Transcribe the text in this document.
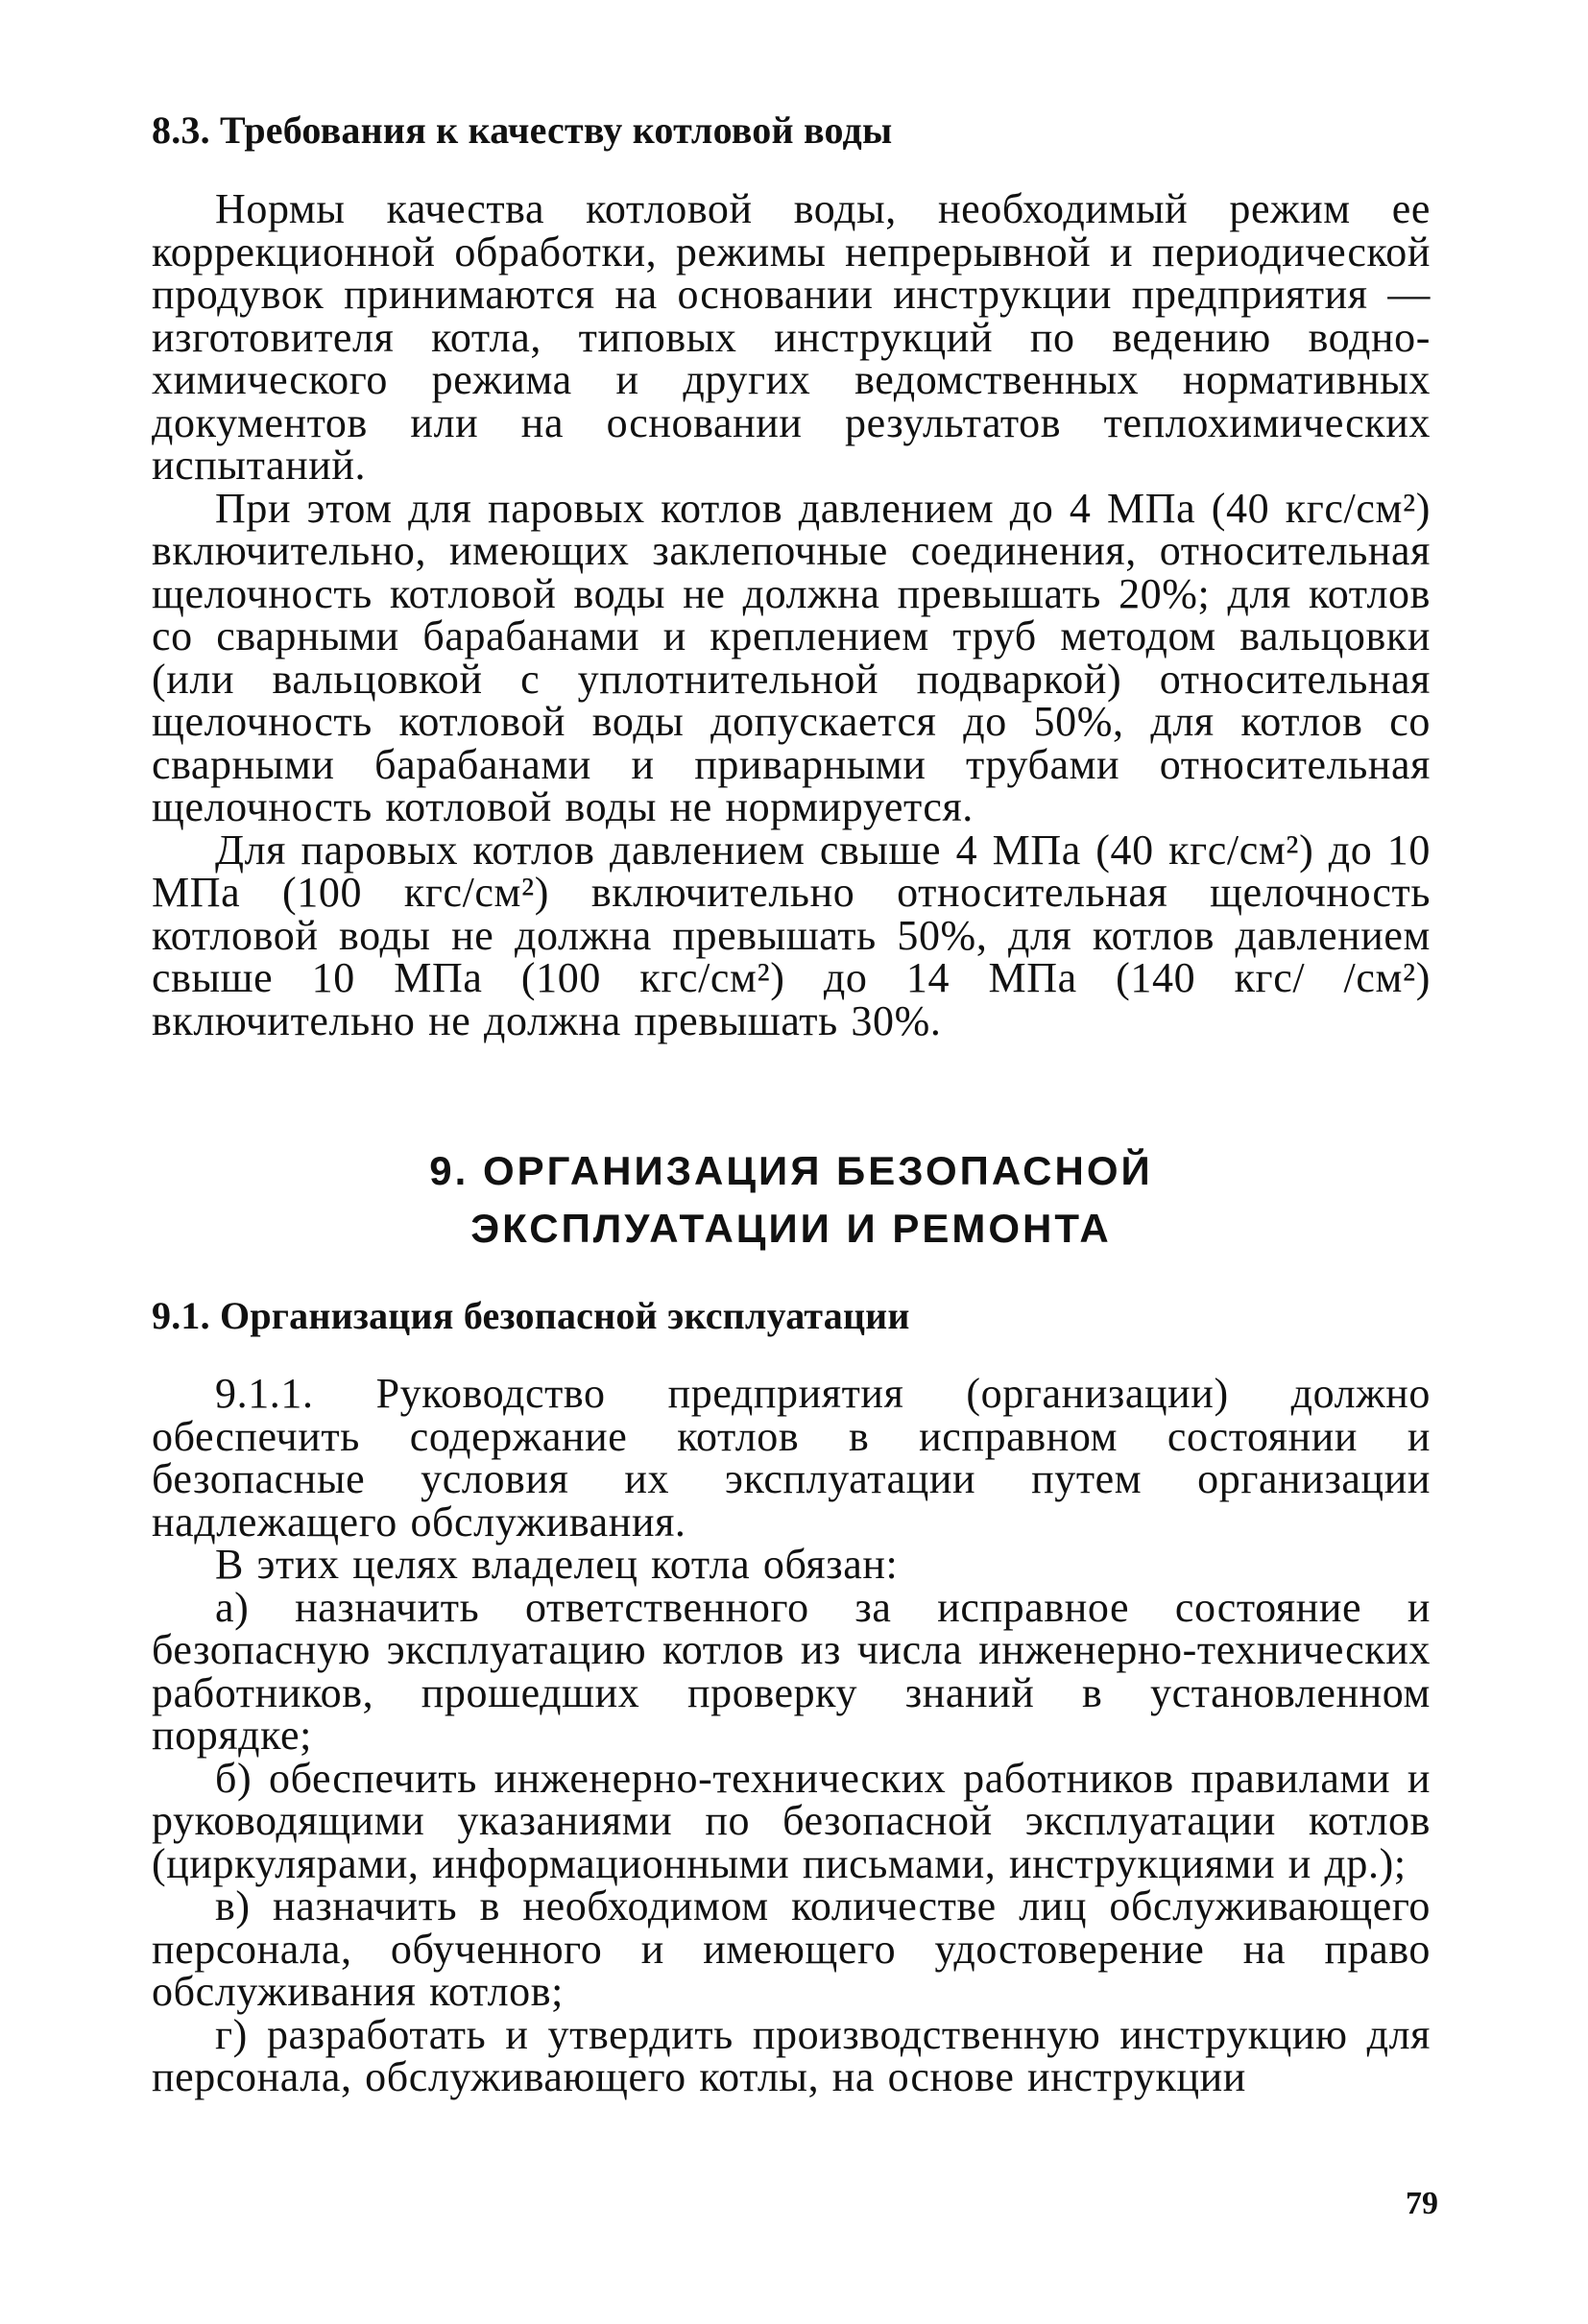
8.3. Требования к качеству котловой воды

Нормы качества котловой воды, необходимый режим ее коррекционной обработки, режимы непрерывной и периодической продувок принимаются на основании инструкции предприятия — изготовителя котла, типовых инструкций по ведению водно-химического режима и других ведомственных нормативных документов или на основании результатов теплохимических испытаний.

При этом для паровых котлов давлением до 4 МПа (40 кгс/см²) включительно, имеющих заклепочные соединения, относительная щелочность котловой воды не должна превышать 20%; для котлов со сварными барабанами и креплением труб методом вальцовки (или вальцовкой с уплотнительной подваркой) относительная щелочность котловой воды допускается до 50%, для котлов со сварными барабанами и приварными трубами относительная щелочность котловой воды не нормируется.

Для паровых котлов давлением свыше 4 МПа (40 кгс/см²) до 10 МПа (100 кгс/см²) включительно относительная щелочность котловой воды не должна превышать 50%, для котлов давлением свыше 10 МПа (100 кгс/см²) до 14 МПа (140 кгс/ /см²) включительно не должна превышать 30%.

9. ОРГАНИЗАЦИЯ БЕЗОПАСНОЙ
ЭКСПЛУАТАЦИИ И РЕМОНТА
9.1. Организация безопасной эксплуатации

9.1.1. Руководство предприятия (организации) должно обеспечить содержание котлов в исправном состоянии и безопасные условия их эксплуатации путем организации надлежащего обслуживания.

В этих целях владелец котла обязан:

а) назначить ответственного за исправное состояние и безопасную эксплуатацию котлов из числа инженерно-технических работников, прошедших проверку знаний в установленном порядке;

б) обеспечить инженерно-технических работников правилами и руководящими указаниями по безопасной эксплуатации котлов (циркулярами, информационными письмами, инструкциями и др.);

в) назначить в необходимом количестве лиц обслуживающего персонала, обученного и имеющего удостоверение на право обслуживания котлов;

г) разработать и утвердить производственную инструкцию для персонала, обслуживающего котлы, на основе инструкции

79
